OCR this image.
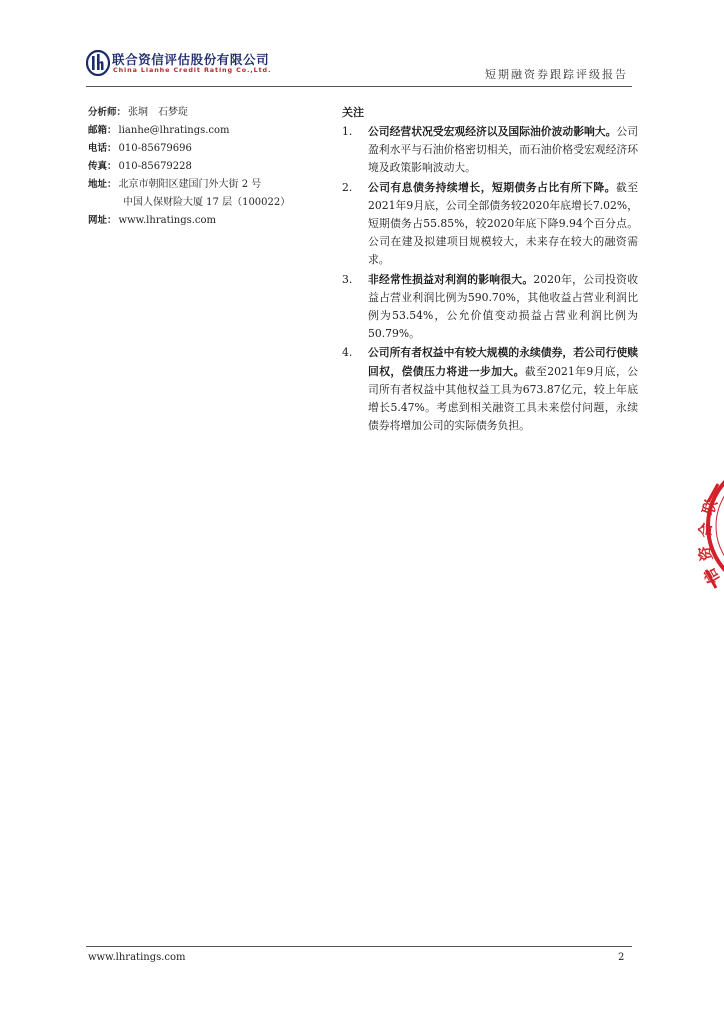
联合资信评估股份有限公司
China Lianhe Credit Rating Co.,Ltd.	短期融资券跟踪评级报告
分析师： 张垌　石梦琁
邮箱： lianhe@lhratings.com
电话： 010-85679696
传真： 010-85679228
地址： 北京市朝阳区建国门外大街 2 号
中国人保财险大厦 17 层（100022）
网址： www.lhratings.com
关注
1.	公司经营状况受宏观经济以及国际油价波动影响大。公司盈利水平与石油价格密切相关，而石油价格受宏观经济环境及政策影响波动大。
2.	公司有息债务持续增长，短期债务占比有所下降。截至2021年9月底，公司全部债务较2020年底增长7.02%，短期债务占55.85%，较2020年底下降9.94个百分点。公司在建及拟建项目规模较大，未来存在较大的融资需求。
3.	非经常性损益对利润的影响很大。2020年，公司投资收益占营业利润比例为590.70%，其他收益占营业利润比例为53.54%，公允价值变动损益占营业利润比例为50.79%。
4.	公司所有者权益中有较大规模的永续债券，若公司行使赎回权，偿债压力将进一步加大。截至2021年9月底，公司所有者权益中其他权益工具为673.87亿元，较上年底增长5.47%。考虑到相关融资工具未来偿付问题，永续债券将增加公司的实际债务负担。
联
合
资
信
www.lhratings.com	2
